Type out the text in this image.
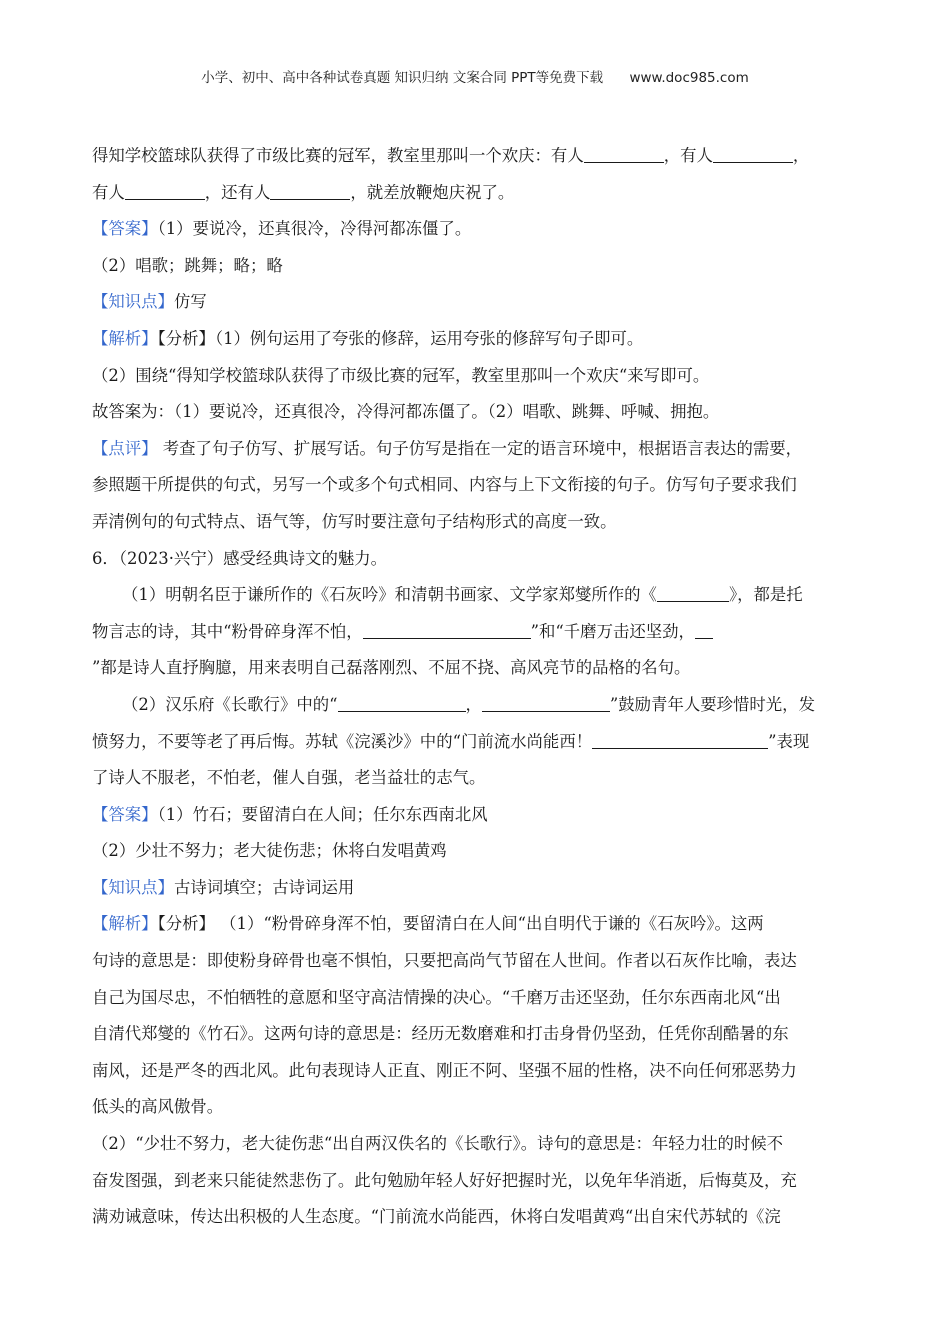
小学、初中、高中各种试卷真题 知识归纳 文案合同 PPT等免费下载 www.doc985.com
得知学校篮球队获得了市级比赛的冠军，教室里那叫一个欢庆：有人	，有人	，
有人	，还有人	，就差放鞭炮庆祝了。
【答案】（1）要说冷，还真很冷，冷得河都冻僵了。
（2）唱歌；跳舞；略；略
【知识点】仿写
【解析】【分析】（1）例句运用了夸张的修辞，运用夸张的修辞写句子即可。
（2）围绕“得知学校篮球队获得了市级比赛的冠军，教室里那叫一个欢庆“来写即可。
故答案为：（1）要说冷，还真很冷，冷得河都冻僵了。（2）唱歌、跳舞、呼喊、拥抱。
【点评】 考查了句子仿写、扩展写话。句子仿写是指在一定的语言环境中，根据语言表达的需要，
参照题干所提供的句式，另写一个或多个句式相同、内容与上下文衔接的句子。仿写句子要求我们
弄清例句的句式特点、语气等，仿写时要注意句子结构形式的高度一致。
6．（2023·兴宁）感受经典诗文的魅力。
（1）明朝名臣于谦所作的《石灰吟》和清朝书画家、文学家郑燮所作的《	》，都是托
物言志的诗，其中“粉骨碎身浑不怕，	”和“千磨万击还坚劲，
”都是诗人直抒胸臆，用来表明自己磊落刚烈、不屈不挠、高风亮节的品格的名句。
（2）汉乐府《长歌行》中的“	，	”鼓励青年人要珍惜时光，发
愤努力，不要等老了再后悔。苏轼《浣溪沙》中的“门前流水尚能西！	”表现
了诗人不服老，不怕老，催人自强，老当益壮的志气。
【答案】（1）竹石；要留清白在人间；任尔东西南北风
（2）少壮不努力；老大徒伤悲；休将白发唱黄鸡
【知识点】古诗词填空；古诗词运用
【解析】【分析】 （1）“粉骨碎身浑不怕，要留清白在人间“出自明代于谦的《石灰吟》。这两
句诗的意思是：即使粉身碎骨也毫不惧怕，只要把高尚气节留在人世间。作者以石灰作比喻，表达
自己为国尽忠，不怕牺牲的意愿和坚守高洁情操的决心。“千磨万击还坚劲，任尔东西南北风“出
自清代郑燮的《竹石》。这两句诗的意思是：经历无数磨难和打击身骨仍坚劲，任凭你刮酷暑的东
南风，还是严冬的西北风。此句表现诗人正直、刚正不阿、坚强不屈的性格，决不向任何邪恶势力
低头的高风傲骨。
（2）“少壮不努力，老大徒伤悲“出自两汉佚名的《长歌行》。诗句的意思是：年轻力壮的时候不
奋发图强，到老来只能徒然悲伤了。此句勉励年轻人好好把握时光，以免年华消逝，后悔莫及，充
满劝诫意味，传达出积极的人生态度。“门前流水尚能西，休将白发唱黄鸡“出自宋代苏轼的《浣
